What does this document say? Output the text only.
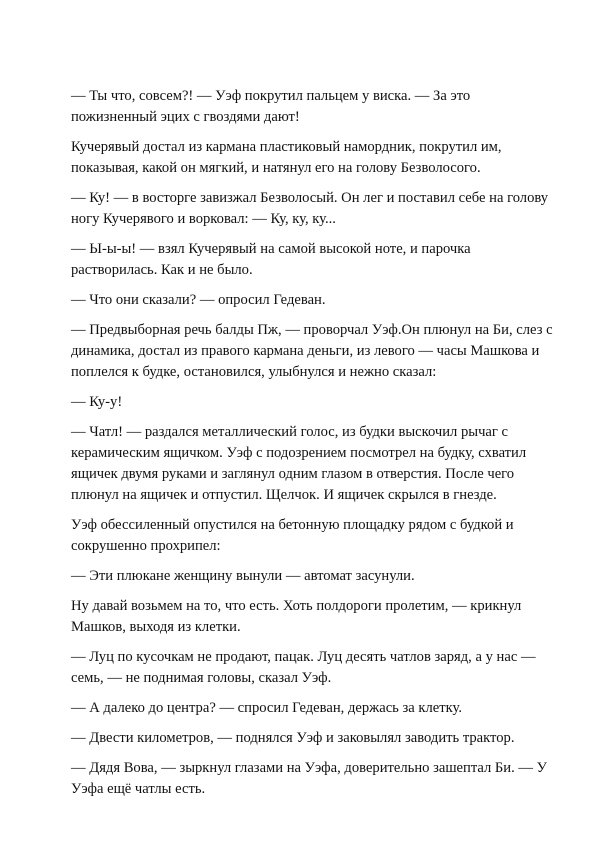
— Ты что, совсем?! — Уэф покрутил пальцем у виска. — За это
пожизненный эцих с гвоздями дают!

Кучерявый достал из кармана пластиковый намордник, покрутил им,
показывая, какой он мягкий, и натянул его на голову Безволосого.

— Ку! — в восторге завизжал Безволосый. Он лег и поставил себе на голову
ногу Кучерявого и ворковал: — Ку, ку, ку...

— Ы-ы-ы! — взял Кучерявый на самой высокой ноте, и парочка
растворилась. Как и не было.

— Что они сказали? — опросил Гедеван.

— Предвыборная речь балды Пж, — проворчал Уэф.Он плюнул на Би, слез с
динамика, достал из правого кармана деньги, из левого — часы Машкова и
поплелся к будке, остановился, улыбнулся и нежно сказал:

— Ку-у!

— Чатл! — раздался металлический голос, из будки выскочил рычаг с
керамическим ящичком. Уэф с подозрением посмотрел на будку, схватил
ящичек двумя руками и заглянул одним глазом в отверстия. После чего
плюнул на ящичек и отпустил. Щелчок. И ящичек скрылся в гнезде.

Уэф обессиленный опустился на бетонную площадку рядом с будкой и
сокрушенно прохрипел:

— Эти плюкане женщину вынули — автомат засунули.

Ну давай возьмем на то, что есть. Хоть полдороги пролетим, — крикнул
Машков, выходя из клетки.

— Луц по кусочкам не продают, пацак. Луц десять чатлов заряд, а у нас —
семь, — не поднимая головы, сказал Уэф.

— А далеко до центра? — спросил Гедеван, держась за клетку.

— Двести километров, — поднялся Уэф и заковылял заводить трактор.

— Дядя Вова, — зыркнул глазами на Уэфа, доверительно зашептал Би. — У
Уэфа ещё чатлы есть.
